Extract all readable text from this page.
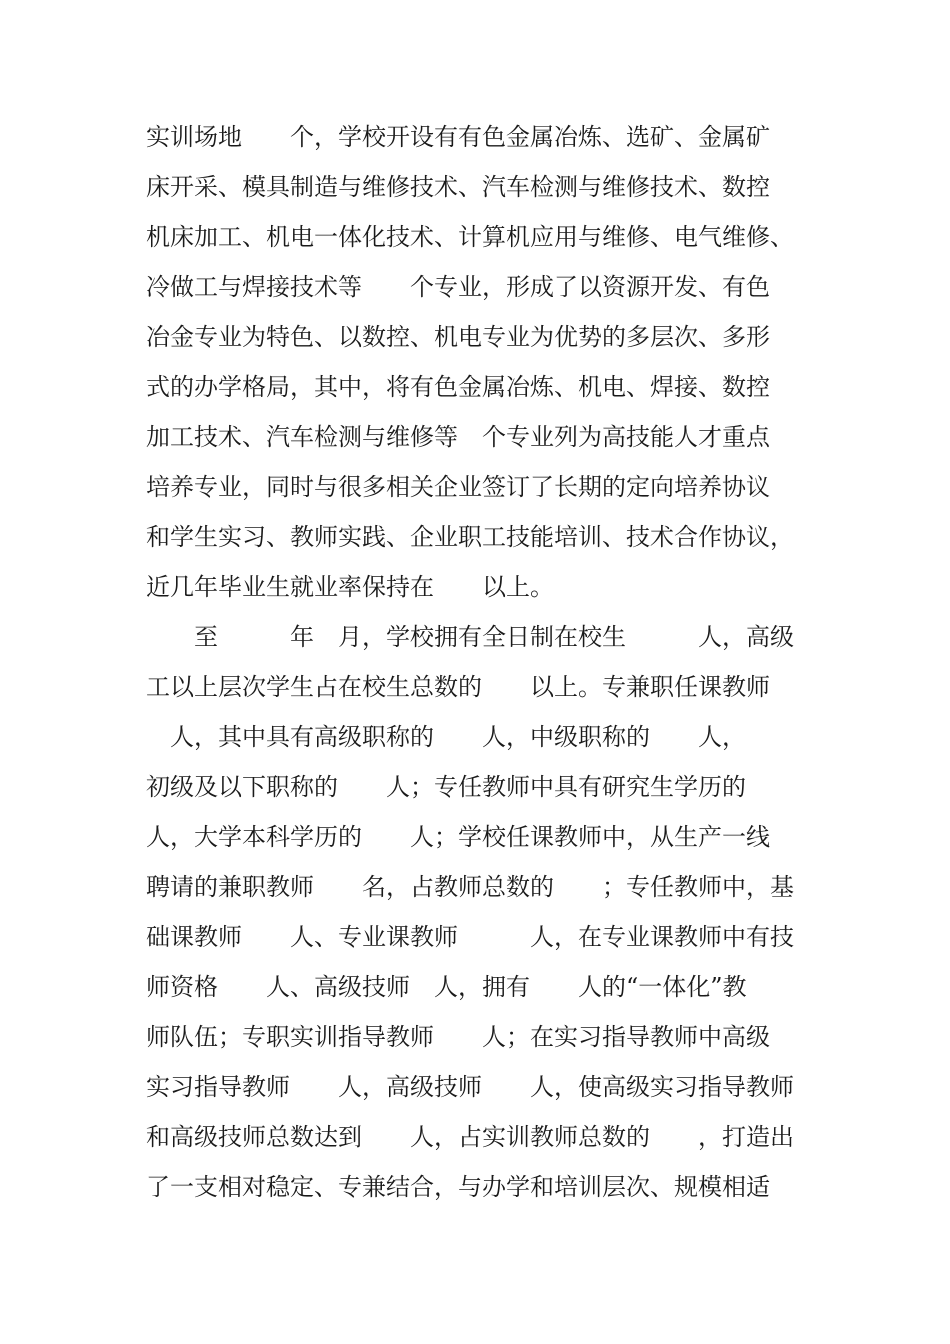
实训场地　　个，学校开设有有色金属冶炼、选矿、金属矿
床开采、模具制造与维修技术、汽车检测与维修技术、数控
机床加工、机电一体化技术、计算机应用与维修、电气维修、
冷做工与焊接技术等　　个专业，形成了以资源开发、有色
冶金专业为特色、以数控、机电专业为优势的多层次、多形
式的办学格局，其中，将有色金属冶炼、机电、焊接、数控
加工技术、汽车检测与维修等　个专业列为高技能人才重点
培养专业，同时与很多相关企业签订了长期的定向培养协议
和学生实习、教师实践、企业职工技能培训、技术合作协议，
近几年毕业生就业率保持在　　以上。
　　至　　　年　月，学校拥有全日制在校生　　　人，高级
工以上层次学生占在校生总数的　　以上。专兼职任课教师
　人，其中具有高级职称的　　人，中级职称的　　人，
初级及以下职称的　　人；专任教师中具有研究生学历的
人，大学本科学历的　　人；学校任课教师中，从生产一线
聘请的兼职教师　　名，占教师总数的　　；专任教师中，基
础课教师　　人、专业课教师　　　人，在专业课教师中有技
师资格　　人、高级技师　人，拥有　　人的“一体化”教
师队伍；专职实训指导教师　　人；在实习指导教师中高级
实习指导教师　　人，高级技师　　人，使高级实习指导教师
和高级技师总数达到　　人，占实训教师总数的　　，打造出
了一支相对稳定、专兼结合，与办学和培训层次、规模相适
